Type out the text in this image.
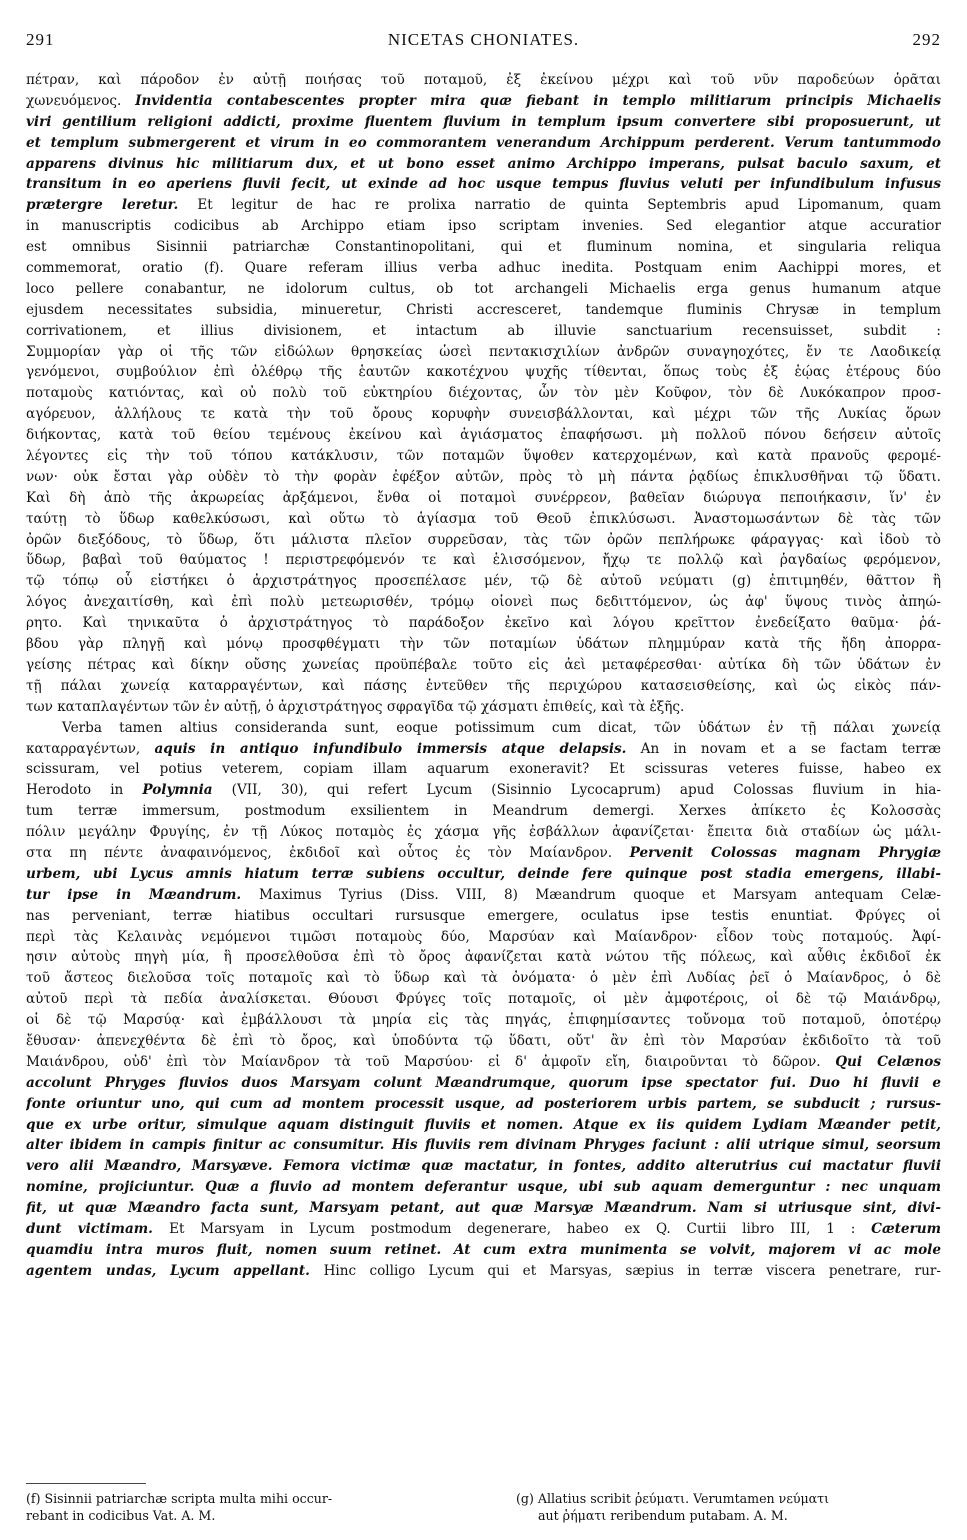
291	NICETAS CHONIATES.	292
πέτραν, καὶ πάροδον ἐν αὐτῇ ποιήσας τοῦ ποταμοῦ, ἐξ ἐκείνου μέχρι καὶ τοῦ νῦν παροδεύων ὁρᾶται
χωνευόμενος. Invidentia contabescentes propter mira quæ fiebant in templo militiarum principis Michaelis
viri gentilium religioni addicti, proxime fluentem fluvium in templum ipsum convertere sibi proposuerunt, ut
et templum submergerent et virum in eo commorantem venerandum Archippum perderent. Verum tantummodo
apparens divinus hic militiarum dux, et ut bono esset animo Archippo imperans, pulsat baculo saxum, et
transitum in eo aperiens fluvii fecit, ut exinde ad hoc usque tempus fluvius veluti per infundibulum infusus
prætergre leretur. Et legitur de hac re prolixa narratio de quinta Septembris apud Lipomanum, quam
in manuscriptis codicibus ab Archippo etiam ipso scriptam invenies. Sed elegantior atque accuratior
est omnibus Sisinnii patriarchæ Constantinopolitani, qui et fluminum nomina, et singularia reliqua
commemorat, oratio (f). Quare referam illius verba adhuc inedita. Postquam enim Aachippi mores, et
loco pellere conabantur, ne idolorum cultus, ob tot archangeli Michaelis erga genus humanum atque
ejusdem necessitates subsidia, minueretur, Christi accresceret, tandemque fluminis Chrysæ in templum
corrivationem, et illius divisionem, et intactum ab illuvie sanctuarium recensuisset, subdit :
Συμμορίαν γὰρ οἱ τῆς τῶν εἰδώλων θρησκείας ὡσεὶ πεντακισχιλίων ἀνδρῶν συναγηοχότες, ἔν τε Λαοδικείᾳ
γενόμενοι, συμβούλιον ἐπὶ ὀλέθρῳ τῆς ἑαυτῶν κακοτέχνου ψυχῆς τίθενται, ὅπως τοὺς ἐξ ἑῴας ἑτέρους δύο
ποταμοὺς κατιόντας, καὶ οὐ πολὺ τοῦ εὐκτηρίου διέχοντας, ὧν τὸν μὲν Κοῦφον, τὸν δὲ Λυκόκαπρον προσ-
αγόρευον, ἀλλήλους τε κατὰ τὴν τοῦ ὄρους κορυφὴν συνεισβάλλονται, καὶ μέχρι τῶν τῆς Λυκίας ὅρων
διήκοντας, κατὰ τοῦ θείου τεμένους ἐκείνου καὶ ἁγιάσματος ἐπαφήσωσι. μὴ πολλοῦ πόνου δεήσειν αὐτοῖς
λέγοντες εἰς τὴν τοῦ τόπου κατάκλυσιν, τῶν ποταμῶν ὕψοθεν κατερχομένων, καὶ κατὰ πρανοῦς φερομέ-
νων· οὐκ ἔσται γὰρ οὐδὲν τὸ τὴν φορὰν ἐφέξον αὐτῶν, πρὸς τὸ μὴ πάντα ῥᾳδίως ἐπικλυσθῆναι τῷ ὕδατι.
Καὶ δὴ ἀπὸ τῆς ἀκρωρείας ἀρξάμενοι, ἔνθα οἱ ποταμοὶ συνέρρεον, βαθεῖαν διώρυγα πεποιήκασιν, ἵν' ἐν
ταύτῃ τὸ ὕδωρ καθελκύσωσι, καὶ οὕτω τὸ ἁγίασμα τοῦ Θεοῦ ἐπικλύσωσι. Ἀναστομωσάντων δὲ τὰς τῶν
ὀρῶν διεξόδους, τὸ ὕδωρ, ὅτι μάλιστα πλεῖον συρρεῦσαν, τὰς τῶν ὀρῶν πεπλήρωκε φάραγγας· καὶ ἰδοὺ τὸ
ὕδωρ, βαβαὶ τοῦ θαύματος ! περιστρεφόμενόν τε καὶ ἑλισσόμενον, ἤχῳ τε πολλῷ καὶ ῥαγδαίως φερόμενον,
τῷ τόπῳ οὗ εἱστήκει ὁ ἀρχιστράτηγος προσεπέλασε μέν, τῷ δὲ αὐτοῦ νεύματι (g) ἐπιτιμηθέν, θᾶττον ἢ
λόγος ἀνεχαιτίσθη, καὶ ἐπὶ πολὺ μετεωρισθέν, τρόμῳ οἱονεὶ πως δεδιττόμενον, ὡς ἀφ' ὕψους τινὸς ἀπηώ-
ρητο. Καὶ τηνικαῦτα ὁ ἀρχιστράτηγος τὸ παράδοξον ἐκεῖνο καὶ λόγου κρεῖττον ἐνεδείξατο θαῦμα· ῥά-
βδου γὰρ πληγῇ καὶ μόνῳ προσφθέγματι τὴν τῶν ποταμίων ὑδάτων πλημμύραν κατὰ τῆς ἤδη ἀπορρα-
γείσης πέτρας καὶ δίκην οὔσης χωνείας προϋπέβαλε τοῦτο εἰς ἀεὶ μεταφέρεσθαι· αὐτίκα δὴ τῶν ὑδάτων ἐν
τῇ πάλαι χωνείᾳ καταρραγέντων, καὶ πάσης ἐντεῦθεν τῆς περιχώρου κατασεισθείσης, καὶ ὡς εἰκὸς πάν-
των καταπλαγέντων τῶν ἐν αὐτῇ, ὁ ἀρχιστράτηγος σφραγῖδα τῷ χάσματι ἐπιθείς, καὶ τὰ ἑξῆς.
Verba tamen altius consideranda sunt, eoque potissimum cum dicat, τῶν ὑδάτων ἐν τῇ πάλαι χωνείᾳ
καταρραγέντων, aquis in antiquo infundibulo immersis atque delapsis. An in novam et a se factam terræ
scissuram, vel potius veterem, copiam illam aquarum exoneravit? Et scissuras veteres fuisse, habeo ex
Herodoto in Polymnia (VII, 30), qui refert Lycum (Sisinnio Lycocaprum) apud Colossas fluvium in hia-
tum terræ immersum, postmodum exsilientem in Meandrum demergi. Xerxes ἀπίκετο ἐς Κολοσσὰς
πόλιν μεγάλην Φρυγίης, ἐν τῇ Λύκος ποταμὸς ἐς χάσμα γῆς ἐσβάλλων ἀφανίζεται· ἔπειτα διὰ σταδίων ὡς μάλι-
στα πη πέντε ἀναφαινόμενος, ἐκδιδοῖ καὶ οὗτος ἐς τὸν Μαίανδρον. Pervenit Colossas magnam Phrygiæ
urbem, ubi Lycus amnis hiatum terræ subiens occultur, deinde fere quinque post stadia emergens, illabi-
tur ipse in Mæandrum. Maximus Tyrius (Diss. VIII, 8) Mæandrum quoque et Marsyam antequam Celæ-
nas perveniant, terræ hiatibus occultari rursusque emergere, oculatus ipse testis enuntiat. Φρύγες οἱ
περὶ τὰς Κελαινὰς νεμόμενοι τιμῶσι ποταμοὺς δύο, Μαρσύαν καὶ Μαίανδρον· εἶδον τοὺς ποταμούς. Ἀφί-
ησιν αὐτοὺς πηγὴ μία, ἣ προσελθοῦσα ἐπὶ τὸ ὄρος ἀφανίζεται κατὰ νώτου τῆς πόλεως, καὶ αὖθις ἐκδιδοῖ ἐκ
τοῦ ἄστεος διελοῦσα τοῖς ποταμοῖς καὶ τὸ ὕδωρ καὶ τὰ ὀνόματα· ὁ μὲν ἐπὶ Λυδίας ῥεῖ ὁ Μαίανδρος, ὁ δὲ
αὐτοῦ περὶ τὰ πεδία ἀναλίσκεται. Θύουσι Φρύγες τοῖς ποταμοῖς, οἱ μὲν ἀμφοτέροις, οἱ δὲ τῷ Μαιάνδρῳ,
οἱ δὲ τῷ Μαρσύᾳ· καὶ ἐμβάλλουσι τὰ μηρία εἰς τὰς πηγάς, ἐπιφημίσαντες τοὔνομα τοῦ ποταμοῦ, ὁποτέρῳ
ἔθυσαν· ἀπενεχθέντα δὲ ἐπὶ τὸ ὄρος, καὶ ὑποδύντα τῷ ὕδατι, οὔτ' ἂν ἐπὶ τὸν Μαρσύαν ἐκδιδοῖτο τὰ τοῦ
Μαιάνδρου, οὐδ' ἐπὶ τὸν Μαίανδρον τὰ τοῦ Μαρσύου· εἰ δ' ἀμφοῖν εἴη, διαιροῦνται τὸ δῶρον. Qui Celænos
accolunt Phryges fluvios duos Marsyam colunt Mæandrumque, quorum ipse spectator fui. Duo hi fluvii e
fonte oriuntur uno, qui cum ad montem processit usque, ad posteriorem urbis partem, se subducit ; rursus-
que ex urbe oritur, simulque aquam distinguit fluviis et nomen. Atque ex iis quidem Lydiam Mæander petit,
alter ibidem in campis finitur ac consumitur. His fluviis rem divinam Phryges faciunt : alii utrique simul, seorsum
vero alii Mæandro, Marsyæve. Femora victimæ quæ mactatur, in fontes, addito alterutrius cui mactatur fluvii
nomine, projiciuntur. Quæ a fluvio ad montem deferantur usque, ubi sub aquam demerguntur : nec unquam
fit, ut quæ Mæandro facta sunt, Marsyam petant, aut quæ Marsyæ Mæandrum. Nam si utriusque sint, divi-
dunt victimam. Et Marsyam in Lycum postmodum degenerare, habeo ex Q. Curtii libro III, 1 : Cæterum
quamdiu intra muros fluit, nomen suum retinet. At cum extra munimenta se volvit, majorem vi ac mole
agentem undas, Lycum appellant. Hinc colligo Lycum qui et Marsyas, sæpius in terræ viscera penetrare, rur-
(f) Sisinnii patriarchæ scripta multa mihi occur-
rebant in codicibus Vat. A. M.
(g) Allatius scribit ῥεύματι. Verumtamen νεύματι
aut ῥήματι reribendum putabam. A. M.
